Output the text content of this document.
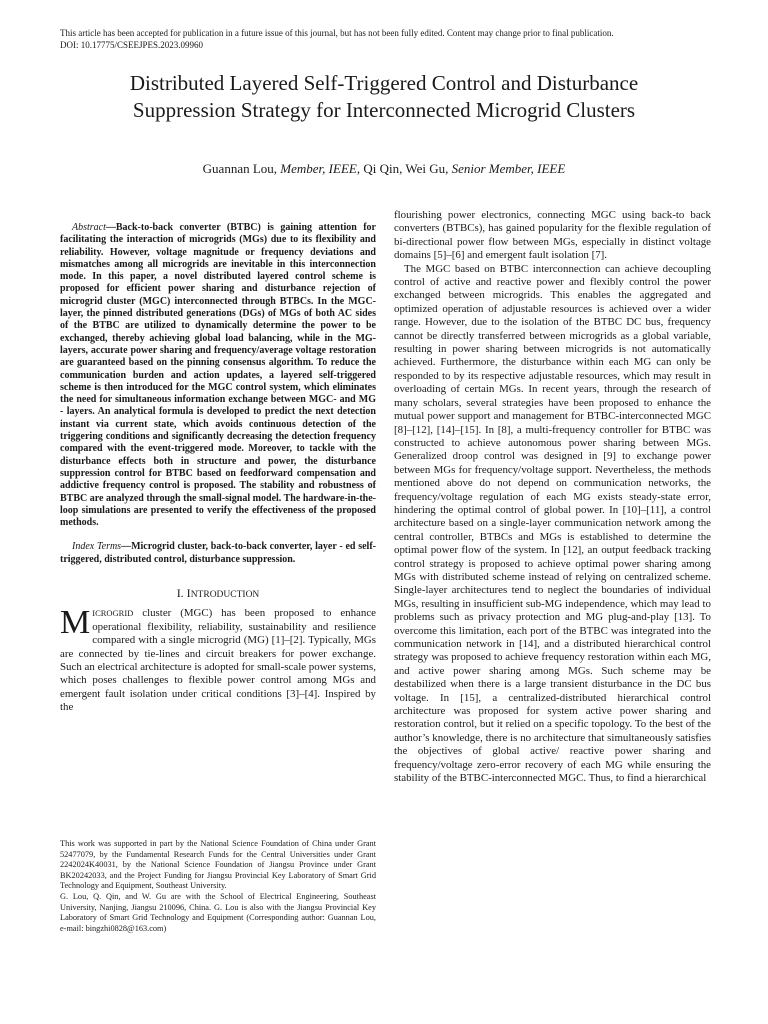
This article has been accepted for publication in a future issue of this journal, but has not been fully edited. Content may change prior to final publication.
DOI: 10.17775/CSEEJPES.2023.09960
Distributed Layered Self-Triggered Control and Disturbance
Suppression Strategy for Interconnected Microgrid Clusters
Guannan Lou, Member, IEEE, Qi Qin, Wei Gu, Senior Member, IEEE

Abstract—Back-to-back converter (BTBC) is gaining attention for facilitating the interaction of microgrids (MGs) due to its flexibility and reliability. However, voltage magnitude or frequency deviations and mismatches among all microgrids are inevitable in this interconnection mode. In this paper, a novel distributed layered control scheme is proposed for efficient power sharing and disturbance rejection of microgrid cluster (MGC) interconnected through BTBCs. In the MGC-layer, the pinned distributed generations (DGs) of MGs of both AC sides of the BTBC are utilized to dynamically determine the power to be exchanged, thereby achieving global load balancing, while in the MG-layers, accurate power sharing and frequency/average voltage restoration are guaranteed based on the pinning consensus algorithm. To reduce the communication burden and action updates, a layered self-triggered scheme is then introduced for the MGC control system, which eliminates the need for simultaneous information exchange between MGC- and MG - layers. An analytical formula is developed to predict the next detection instant via current state, which avoids continuous detection of the triggering conditions and significantly decreasing the detection frequency compared with the event-triggered mode. Moreover, to tackle with the disturbance effects both in structure and power, the disturbance suppression control for BTBC based on feedforward compensation and addictive frequency control is proposed. The stability and robustness of BTBC are analyzed through the small-signal model. The hardware-in-the-loop simulations are presented to verify the effectiveness of the proposed methods.

Index Terms—Microgrid cluster, back-to-back converter, layer - ed self-triggered, distributed control, disturbance suppression.

I. INTRODUCTION

MICROGRID cluster (MGC) has been proposed to enhance operational flexibility, reliability, sustainability and resilience compared with a single microgrid (MG) [1]–[2]. Typically, MGs are connected by tie-lines and circuit breakers for power exchange. Such an electrical architecture is adopted for small-scale power systems, which poses challenges to flexible power control among MGs and emergent fault isolation under critical conditions [3]–[4]. Inspired by the

This work was supported in part by the National Science Foundation of China under Grant 52477079, by the Fundamental Research Funds for the Central Universities under Grant 2242024K40031, by the National Science Foundation of Jiangsu Province under Grant BK20242033, and the Project Funding for Jiangsu Provincial Key Laboratory of Smart Grid Technology and Equipment, Southeast University.

G. Lou, Q. Qin, and W. Gu are with the School of Electrical Engineering, Southeast University, Nanjing, Jiangsu 210096, China. G. Lou is also with the Jiangsu Provincial Key Laboratory of Smart Grid Technology and Equipment (Corresponding author: Guannan Lou, e-mail: bingzhi0828@163.com)

flourishing power electronics, connecting MGC using back-to back converters (BTBCs), has gained popularity for the flexible regulation of bi-directional power flow between MGs, especially in distinct voltage domains [5]–[6] and emergent fault isolation [7].

The MGC based on BTBC interconnection can achieve decoupling control of active and reactive power and flexibly control the power exchanged between microgrids. This enables the aggregated and optimized operation of adjustable resources is achieved over a wider range. However, due to the isolation of the BTBC DC bus, frequency cannot be directly transferred between microgrids as a global variable, resulting in power sharing between microgrids is not automatically achieved. Furthermore, the disturbance within each MG can only be responded to by its respective adjustable resources, which may result in overloading of certain MGs. In recent years, through the research of many scholars, several strategies have been proposed to enhance the mutual power support and management for BTBC-interconnected MGC [8]–[12], [14]–[15]. In [8], a multi-frequency controller for BTBC was constructed to achieve autonomous power sharing between MGs. Generalized droop control was designed in [9] to exchange power between MGs for frequency/voltage support. Nevertheless, the methods mentioned above do not depend on communication networks, the frequency/voltage regulation of each MG exists steady-state error, hindering the optimal control of global power. In [10]–[11], a control architecture based on a single-layer communication network among the central controller, BTBCs and MGs is established to determine the optimal power flow of the system. In [12], an output feedback tracking control strategy is proposed to achieve optimal power sharing among MGs with distributed scheme instead of relying on centralized scheme. Single-layer architectures tend to neglect the boundaries of individual MGs, resulting in insufficient sub-MG independence, which may lead to problems such as privacy protection and MG plug-and-play [13]. To overcome this limitation, each port of the BTBC was integrated into the communication network in [14], and a distributed hierarchical control strategy was proposed to achieve frequency restoration within each MG, and active power sharing among MGs. Such scheme may be destabilized when there is a large transient disturbance in the DC bus voltage. In [15], a centralized-distributed hierarchical control architecture was proposed for system active power sharing and restoration control, but it relied on a specific topology. To the best of the author’s knowledge, there is no architecture that simultaneously satisfies the objectives of global active/ reactive power sharing and frequency/voltage zero-error recovery of each MG while ensuring the stability of the BTBC-interconnected MGC. Thus, to find a hierarchical
